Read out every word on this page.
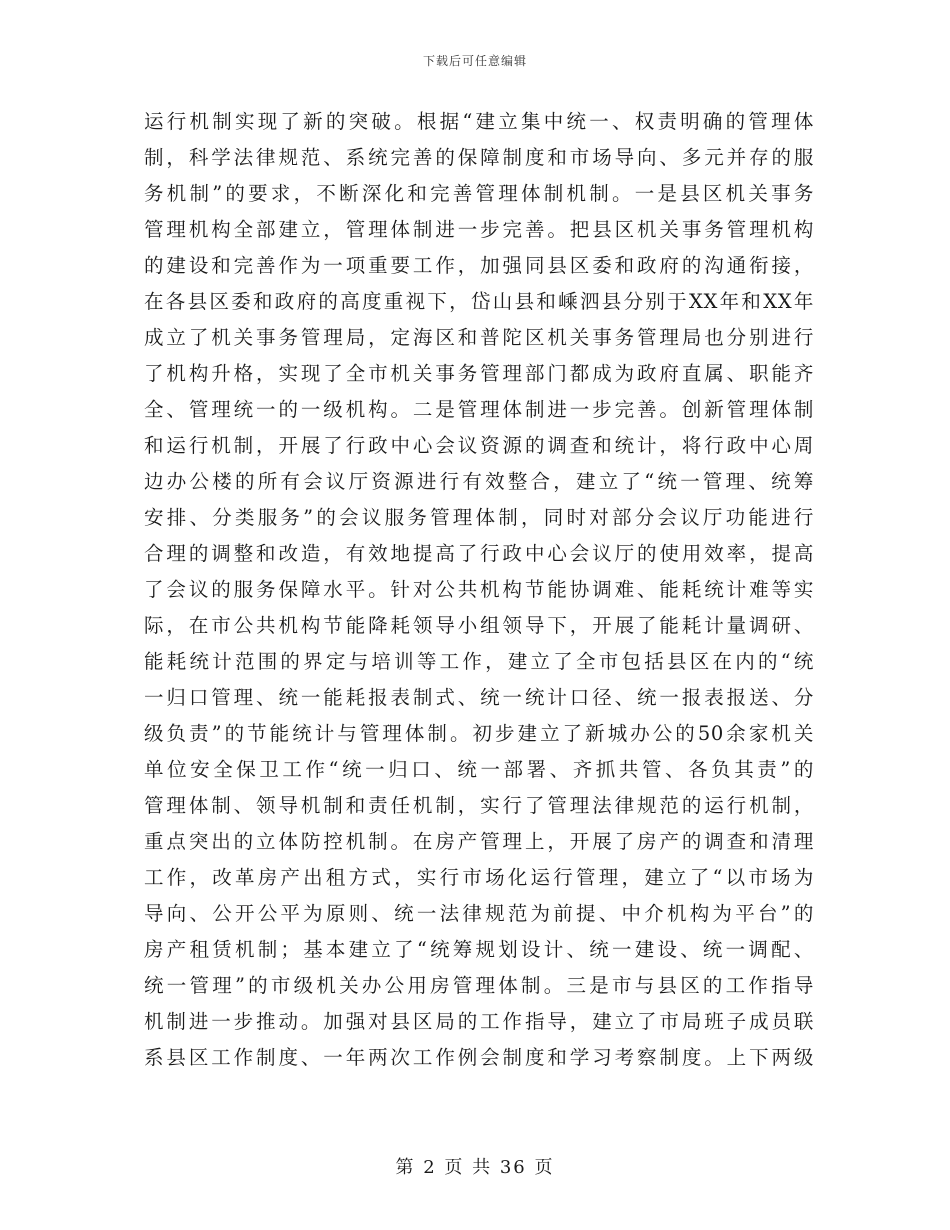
下载后可任意编辑
运行机制实现了新的突破。根据“建立集中统一、权责明确的管理体
制，科学法律规范、系统完善的保障制度和市场导向、多元并存的服
务机制”的要求，不断深化和完善管理体制机制。一是县区机关事务
管理机构全部建立，管理体制进一步完善。把县区机关事务管理机构
的建设和完善作为一项重要工作，加强同县区委和政府的沟通衔接，
在各县区委和政府的高度重视下，岱山县和嵊泗县分别于XX年和XX年
成立了机关事务管理局，定海区和普陀区机关事务管理局也分别进行
了机构升格，实现了全市机关事务管理部门都成为政府直属、职能齐
全、管理统一的一级机构。二是管理体制进一步完善。创新管理体制
和运行机制，开展了行政中心会议资源的调查和统计，将行政中心周
边办公楼的所有会议厅资源进行有效整合，建立了“统一管理、统筹
安排、分类服务”的会议服务管理体制，同时对部分会议厅功能进行
合理的调整和改造，有效地提高了行政中心会议厅的使用效率，提高
了会议的服务保障水平。针对公共机构节能协调难、能耗统计难等实
际，在市公共机构节能降耗领导小组领导下，开展了能耗计量调研、
能耗统计范围的界定与培训等工作，建立了全市包括县区在内的“统
一归口管理、统一能耗报表制式、统一统计口径、统一报表报送、分
级负责”的节能统计与管理体制。初步建立了新城办公的50余家机关
单位安全保卫工作“统一归口、统一部署、齐抓共管、各负其责”的
管理体制、领导机制和责任机制，实行了管理法律规范的运行机制，
重点突出的立体防控机制。在房产管理上，开展了房产的调查和清理
工作，改革房产出租方式，实行市场化运行管理，建立了“以市场为
导向、公开公平为原则、统一法律规范为前提、中介机构为平台”的
房产租赁机制；基本建立了“统筹规划设计、统一建设、统一调配、
统一管理”的市级机关办公用房管理体制。三是市与县区的工作指导
机制进一步推动。加强对县区局的工作指导，建立了市局班子成员联
系县区工作制度、一年两次工作例会制度和学习考察制度。上下两级
第 2 页 共 36 页
